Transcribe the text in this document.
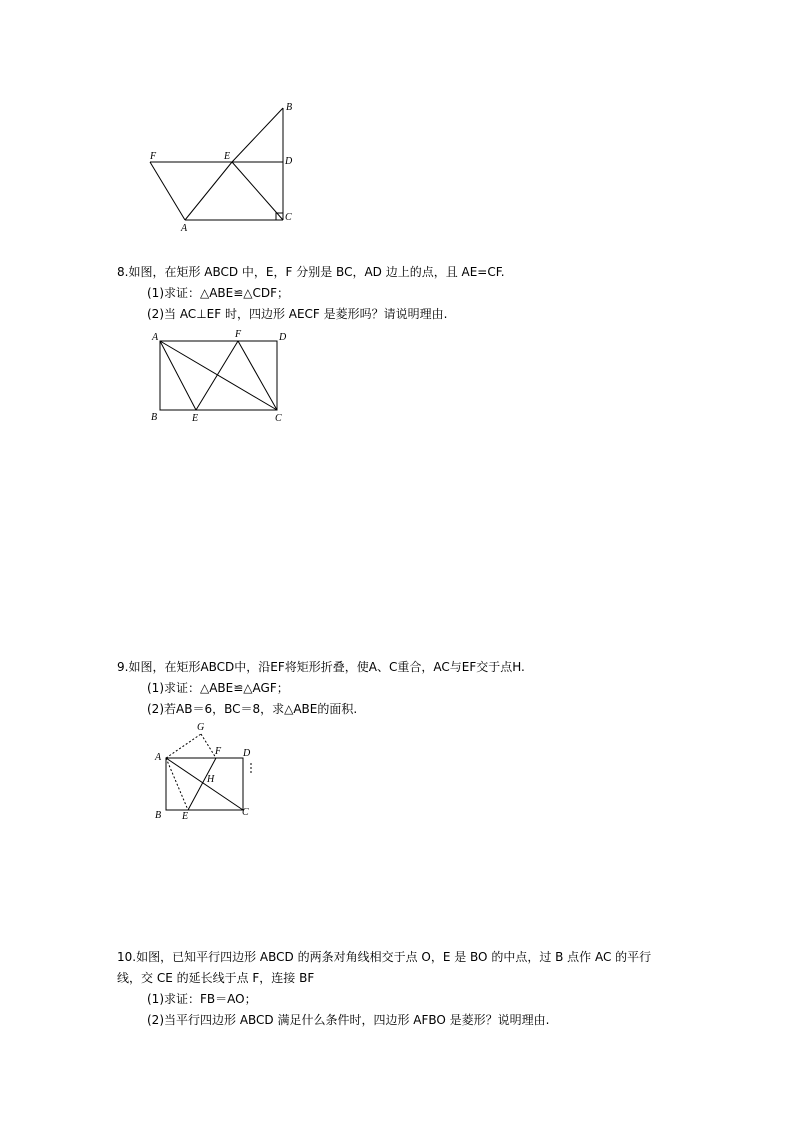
B
F	E	D
A
C
8.如图，在矩形 ABCD 中，E，F 分别是 BC，AD 边上的点，且 AE=CF.
(1)求证：△ABE≌△CDF；
(2)当 AC⊥EF 时，四边形 AECF 是菱形吗？请说明理由.
A	F	D
B	E	C
9.如图，在矩形ABCD中，沿EF将矩形折叠，使A、C重合，AC与EF交于点H.
(1)求证：△ABE≌△AGF；
(2)若AB＝6，BC＝8，求△ABE的面积.
G
A
F D
H
B E	C
10.如图，已知平行四边形 ABCD 的两条对角线相交于点 O，E 是 BO 的中点，过 B 点作 AC 的平行
线，交 CE 的延长线于点 F，连接 BF
(1)求证：FB＝AO；
(2)当平行四边形 ABCD 满足什么条件时，四边形 AFBO 是菱形？说明理由.
